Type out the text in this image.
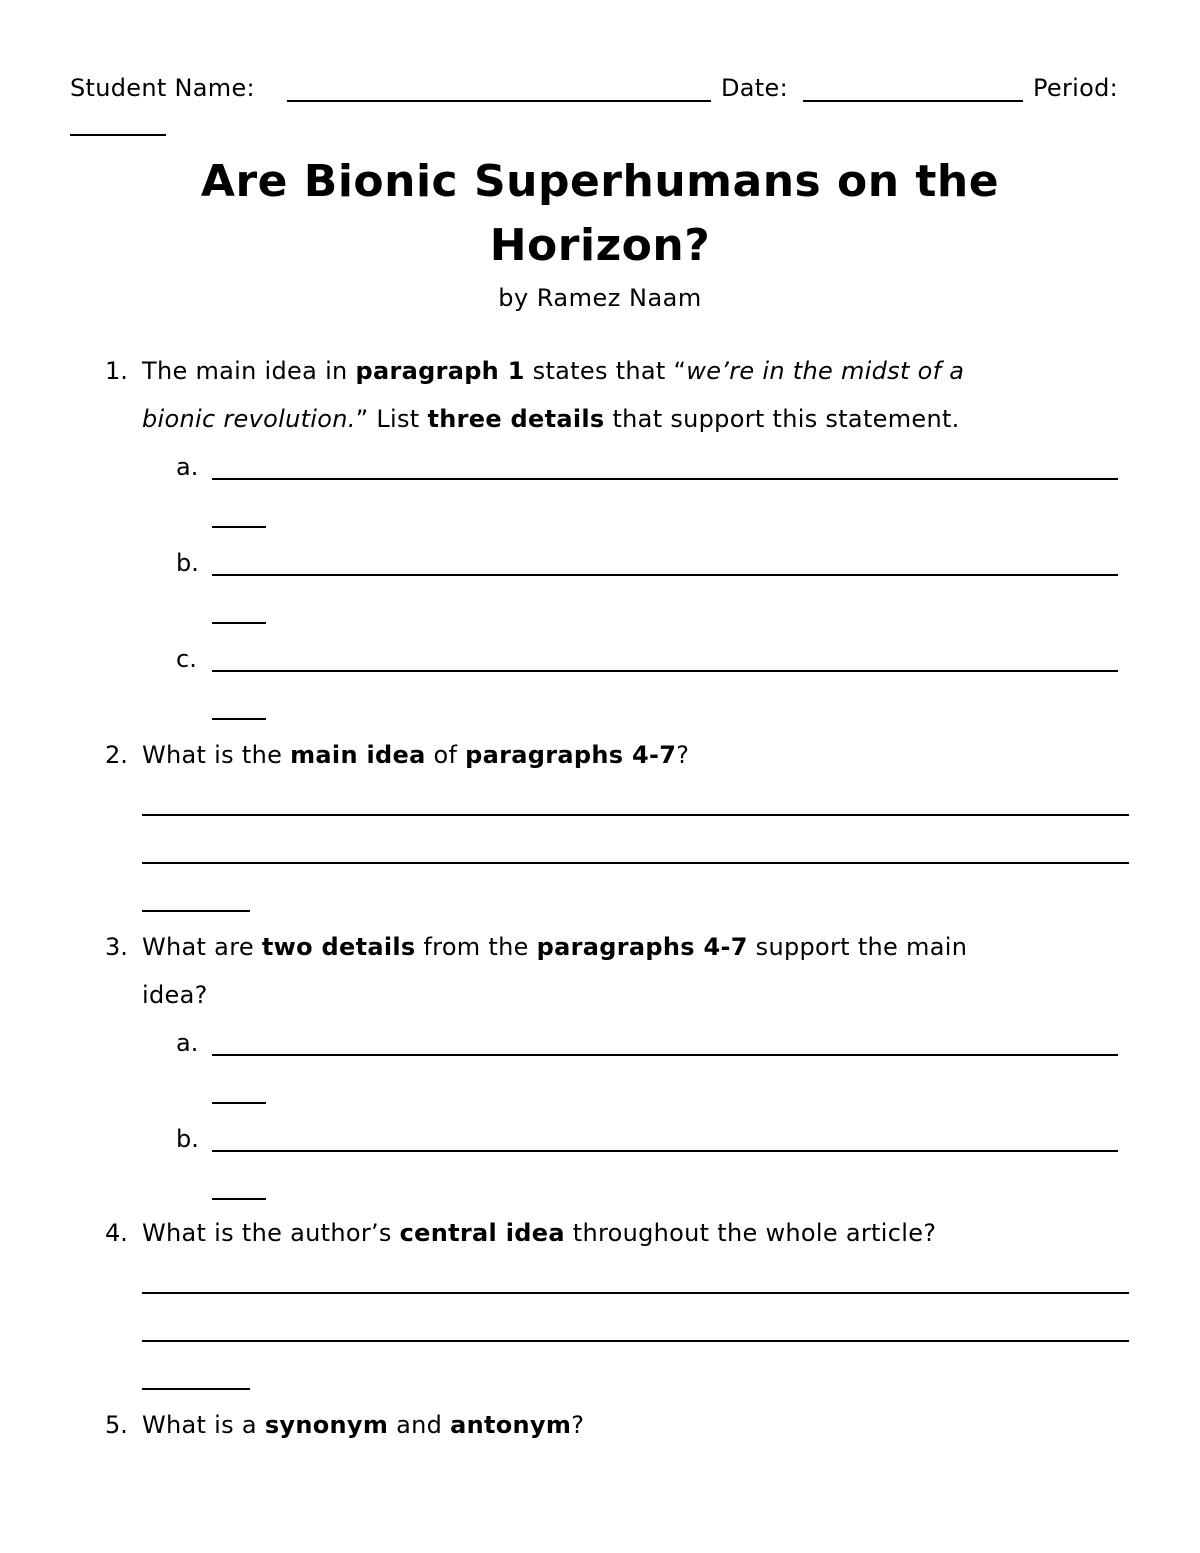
Student Name:	Date:	Period:
Are Bionic Superhumans on the
Horizon?
by Ramez Naam
1. The main idea in paragraph 1 states that “we’re in the midst of a
bionic revolution.” List three details that support this statement.
a.
b.
c.
2. What is the main idea of paragraphs 4-7?
3. What are two details from the paragraphs 4-7 support the main
idea?
a.
b.
4. What is the author’s central idea throughout the whole article?
5. What is a synonym and antonym?
